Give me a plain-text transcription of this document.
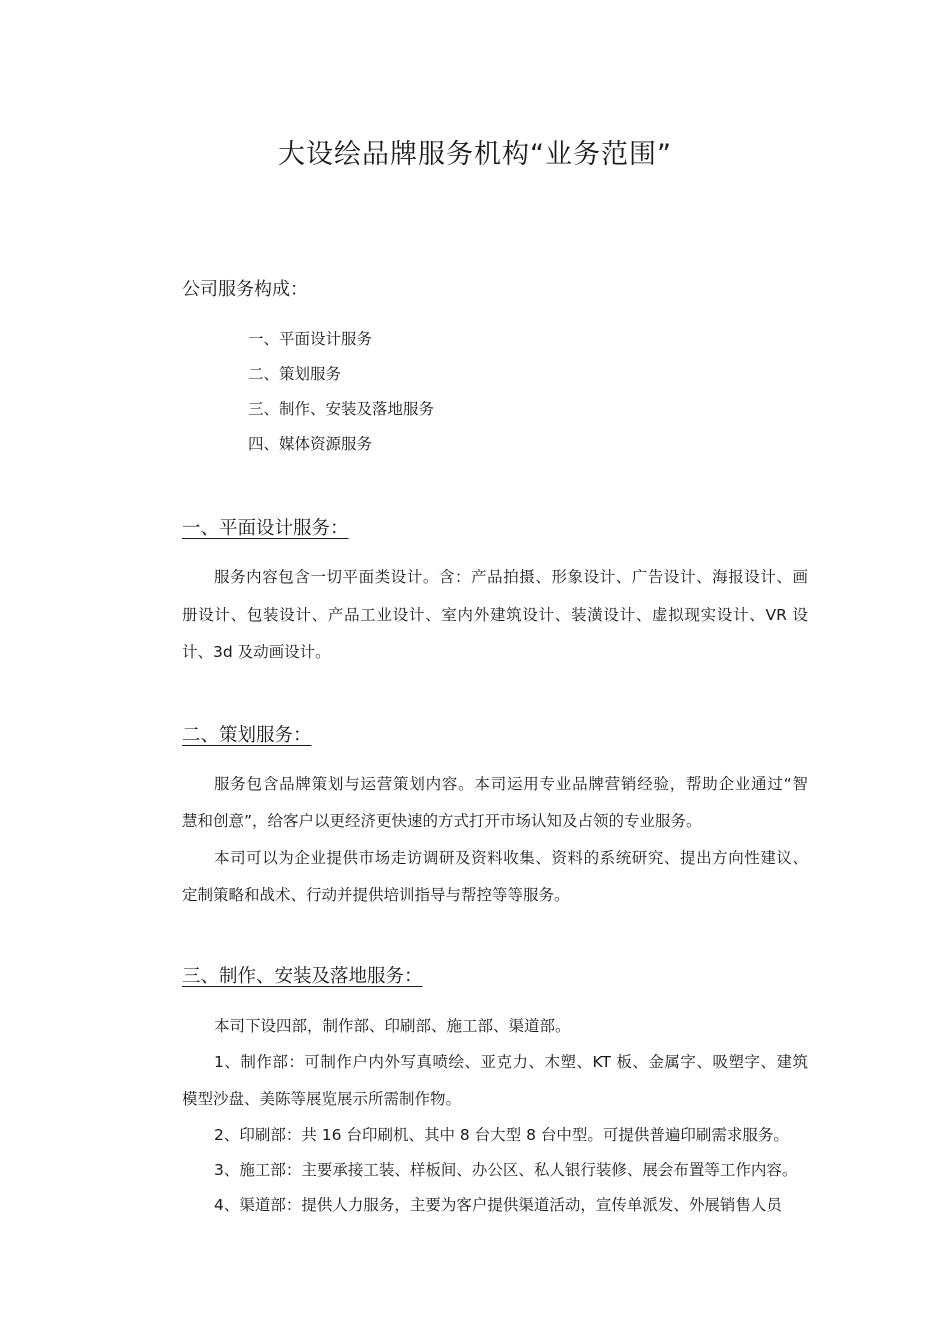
大设绘品牌服务机构“业务范围”
公司服务构成：
一、平面设计服务
二、策划服务
三、制作、安装及落地服务
四、媒体资源服务
一、平面设计服务：
服务内容包含一切平面类设计。含：产品拍摄、形象设计、广告设计、海报设计、画
册设计、包装设计、产品工业设计、室内外建筑设计、装潢设计、虚拟现实设计、VR 设
计、3d 及动画设计。
二、策划服务：
服务包含品牌策划与运营策划内容。本司运用专业品牌营销经验，帮助企业通过“智
慧和创意”，给客户以更经济更快速的方式打开市场认知及占领的专业服务。
本司可以为企业提供市场走访调研及资料收集、资料的系统研究、提出方向性建议、
定制策略和战术、行动并提供培训指导与帮控等等服务。
三、制作、安装及落地服务：
本司下设四部，制作部、印刷部、施工部、渠道部。
1、制作部：可制作户内外写真喷绘、亚克力、木塑、KT 板、金属字、吸塑字、建筑
模型沙盘、美陈等展览展示所需制作物。
2、印刷部：共 16 台印刷机、其中 8 台大型 8 台中型。可提供普遍印刷需求服务。
3、施工部：主要承接工装、样板间、办公区、私人银行装修、展会布置等工作内容。
4、渠道部：提供人力服务，主要为客户提供渠道活动，宣传单派发、外展销售人员
